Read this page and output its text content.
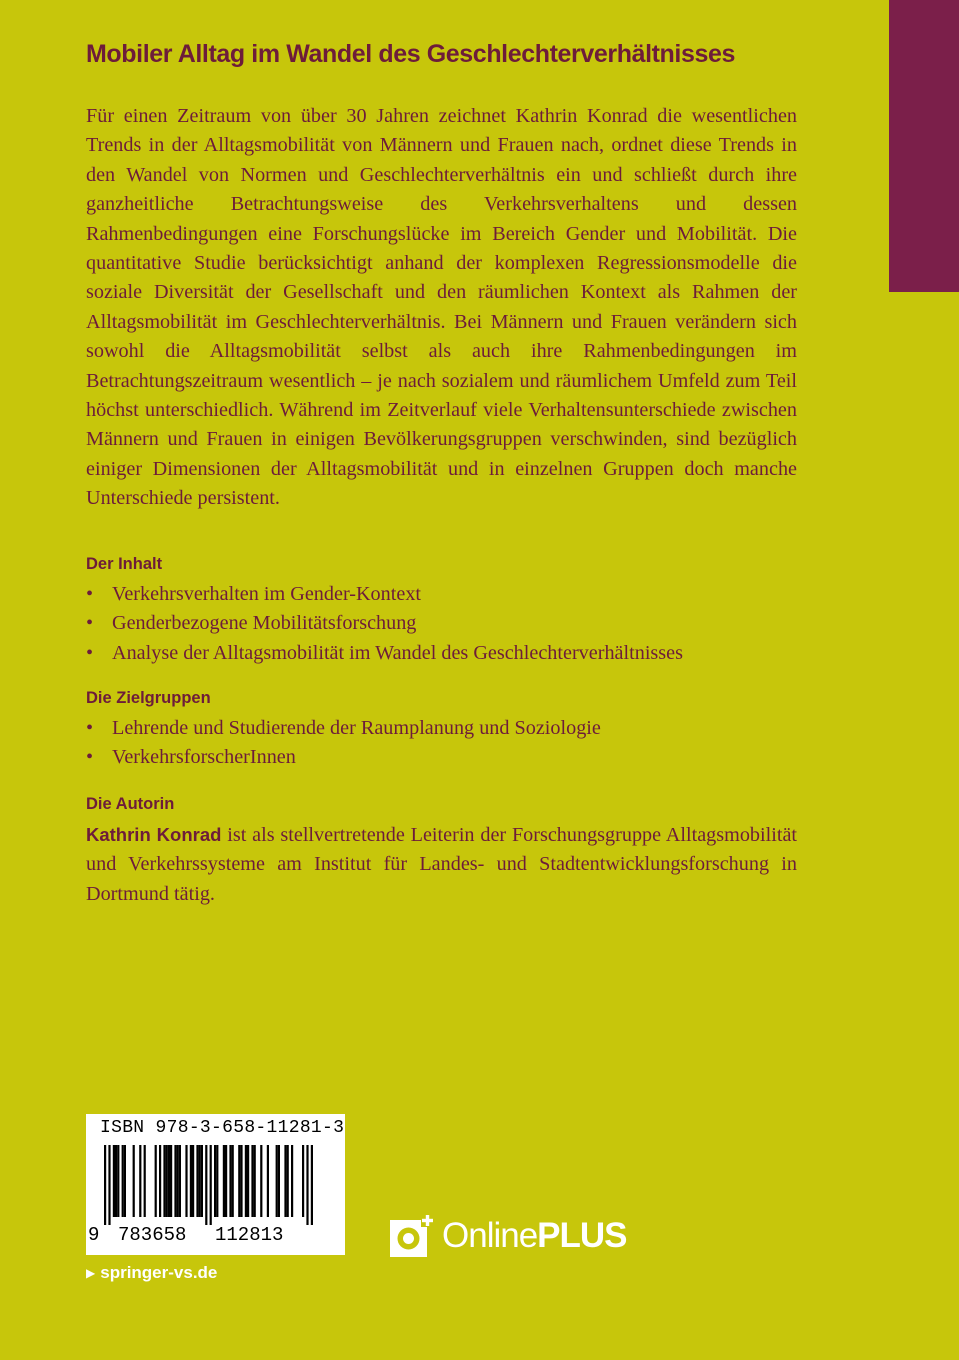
Mobiler Alltag im Wandel des Geschlechterverhältnisses

Für einen Zeitraum von über 30 Jahren zeichnet Kathrin Konrad die wesentlichen Trends in der Alltagsmobilität von Männern und Frauen nach, ordnet diese Trends in den Wandel von Normen und Geschlechterverhältnis ein und schließt durch ihre ganzheitliche Betrachtungsweise des Verkehrsverhaltens und dessen Rahmenbedingungen eine Forschungslücke im Bereich Gender und Mobilität. Die quantitative Studie berücksichtigt anhand der komplexen Regressionsmodelle die soziale Diversität der Gesellschaft und den räumlichen Kontext als Rahmen der Alltagsmobilität im Geschlechterverhältnis. Bei Männern und Frauen verändern sich sowohl die Alltagsmobilität selbst als auch ihre Rahmenbedingungen im Betrachtungszeitraum wesentlich – je nach sozialem und räumlichem Umfeld zum Teil höchst unterschiedlich. Während im Zeitverlauf viele Verhaltensunterschiede zwischen Männern und Frauen in einigen Bevölkerungsgruppen verschwinden, sind bezüglich einiger Dimensionen der Alltagsmobilität und in einzelnen Gruppen doch manche Unterschiede persistent.

Der Inhalt
• Verkehrsverhalten im Gender-Kontext
• Genderbezogene Mobilitätsforschung
• Analyse der Alltagsmobilität im Wandel des Geschlechterverhältnisses
Die Zielgruppen
• Lehrende und Studierende der Raumplanung und Soziologie
• VerkehrsforscherInnen
Die Autorin

Kathrin Konrad ist als stellvertretende Leiterin der Forschungsgruppe Alltagsmobilität und Verkehrssysteme am Institut für Landes- und Stadtentwicklungsforschung in Dortmund tätig.

ISBN 978-3-658-11281-3
9 783658 112813	OnlinePLUS
▶ springer-vs.de
